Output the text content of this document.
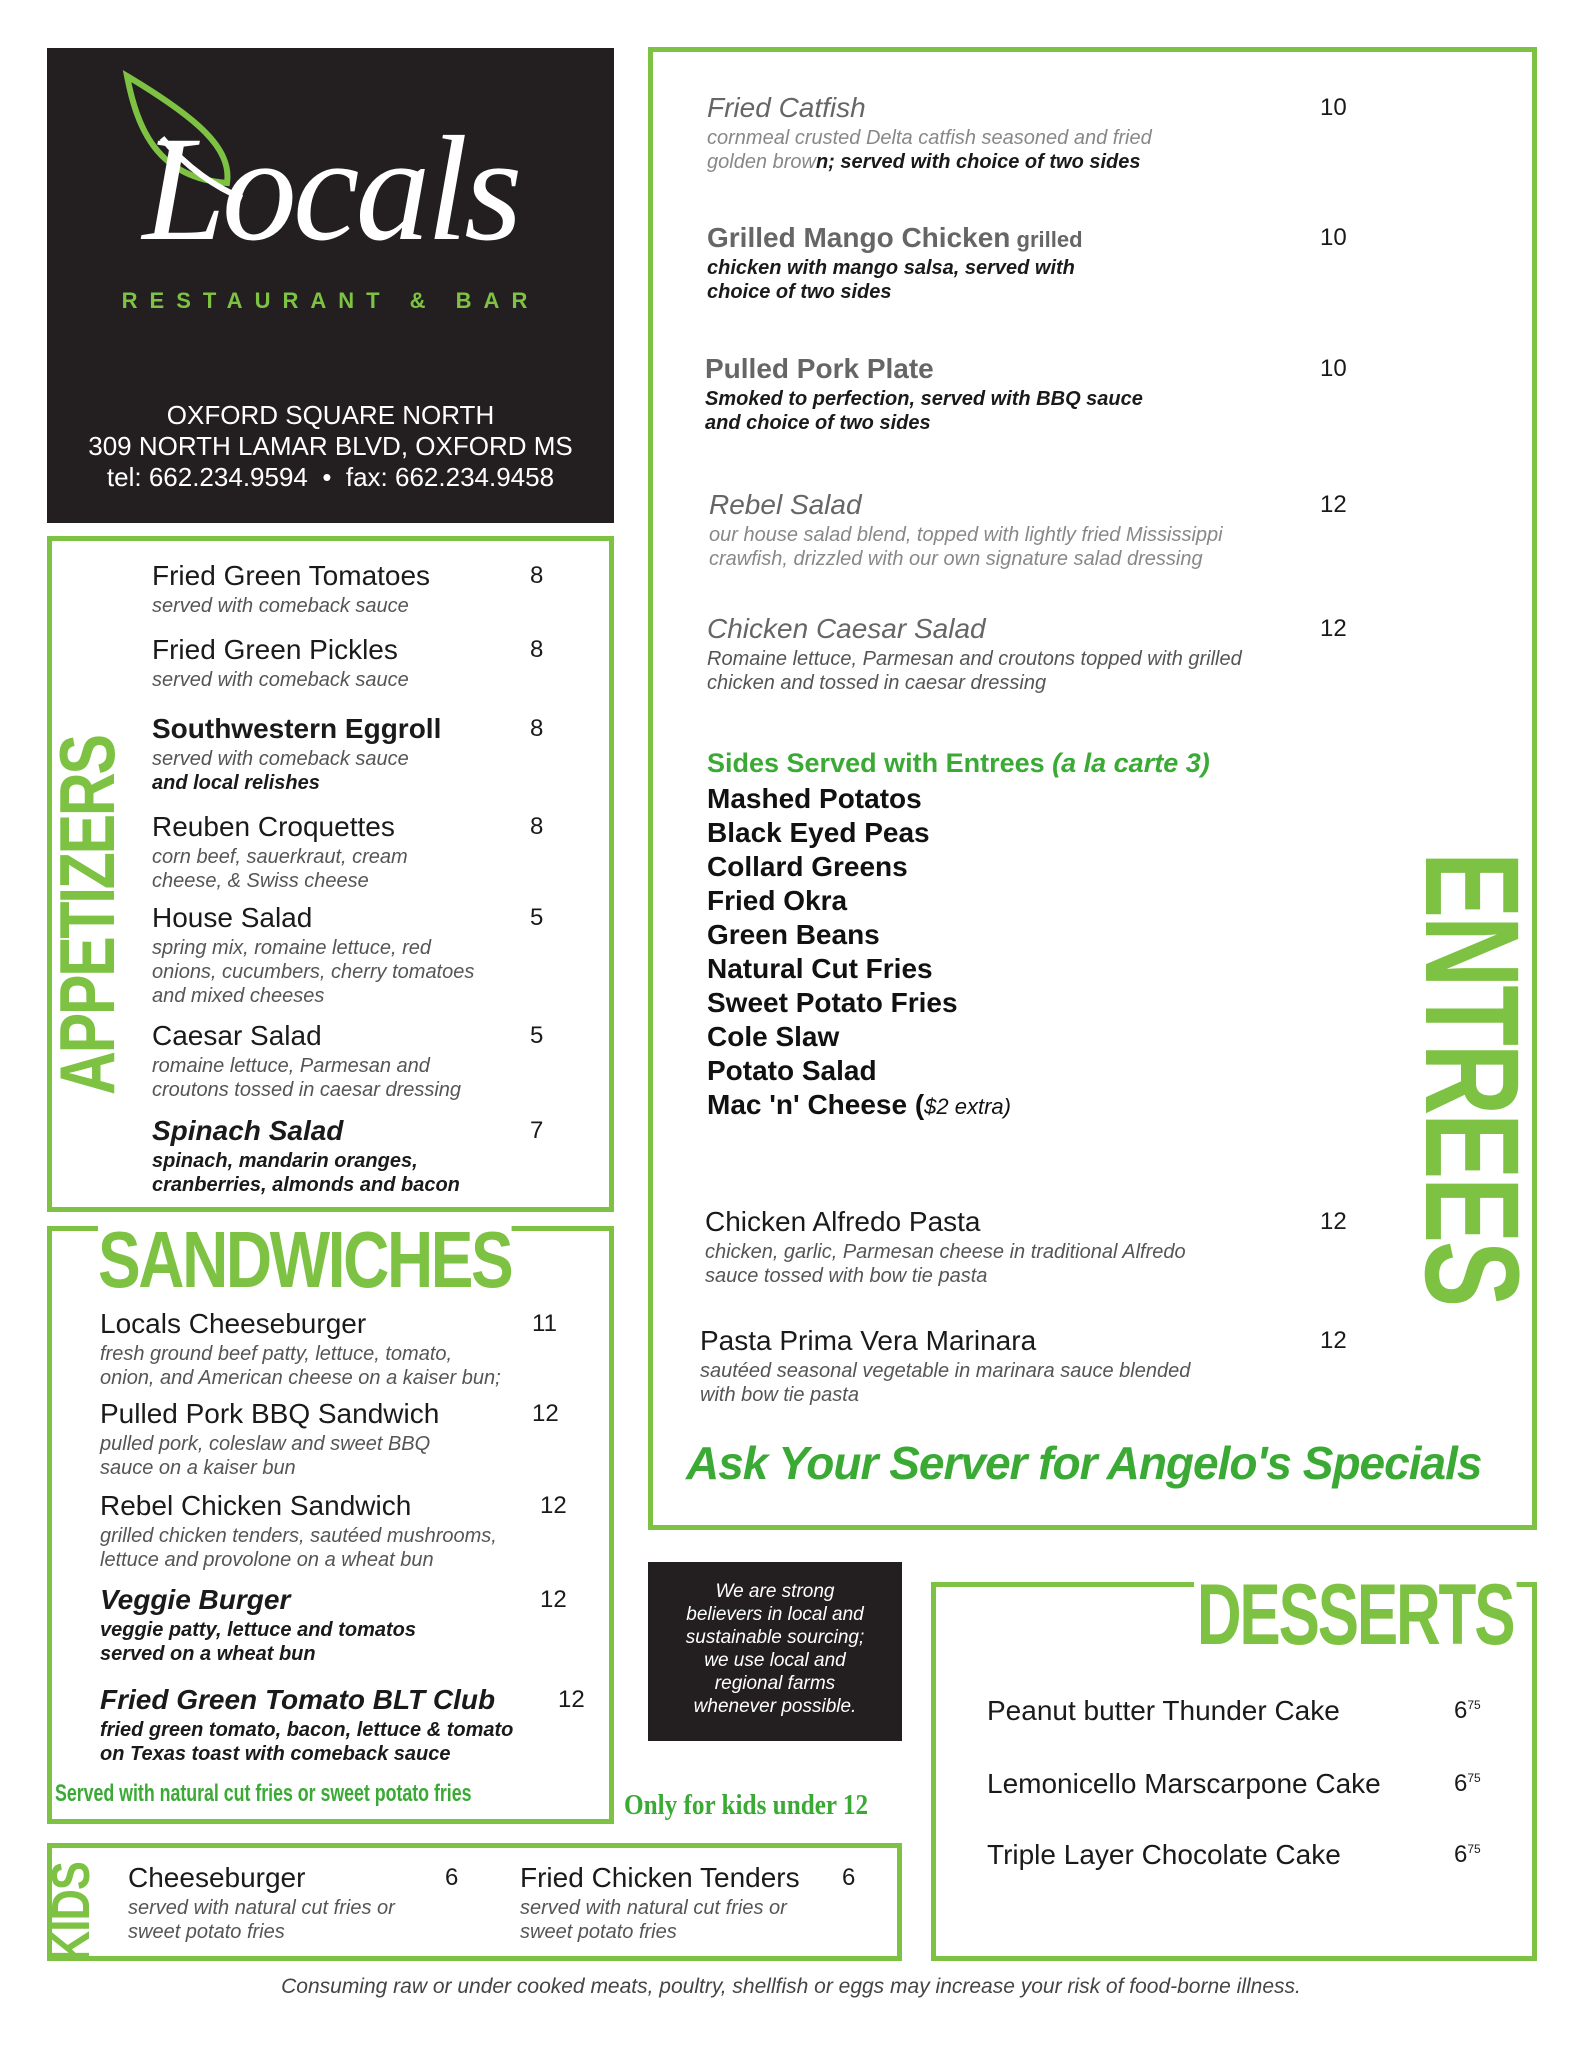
Locals
RESTAURANT & BAR
OXFORD SQUARE NORTH
309 NORTH LAMAR BLVD, OXFORD MS
tel: 662.234.9594  •  fax: 662.234.9458
APPETIZERS
SANDWICHES	ENTREES
KIDS
DESSERTS
Fried Green Tomatoes	8
served with comeback sauce
Fried Green Pickles	8
served with comeback sauce
Southwestern Eggroll	8
served with comeback sauce
and local relishes
Reuben Croquettes	8
corn beef, sauerkraut, cream
cheese, & Swiss cheese
House Salad	5
spring mix, romaine lettuce, red
onions, cucumbers, cherry tomatoes
and mixed cheeses
Caesar Salad	5
romaine lettuce, Parmesan and
croutons tossed in caesar dressing
Spinach Salad	7
spinach, mandarin oranges,
cranberries, almonds and bacon
Locals Cheeseburger	11
fresh ground beef patty, lettuce, tomato,
onion, and American cheese on a kaiser bun;
Pulled Pork BBQ Sandwich	12
pulled pork, coleslaw and sweet BBQ
sauce on a kaiser bun
Rebel Chicken Sandwich	12
grilled chicken tenders, sautéed mushrooms,
lettuce and provolone on a wheat bun
Veggie Burger	12
veggie patty, lettuce and tomatos
served on a wheat bun
Fried Green Tomato BLT Club	12
fried green tomato, bacon, lettuce & tomato
on Texas toast with comeback sauce
Fried Catfish	10
cornmeal crusted Delta catfish seasoned and fried
golden brown; served with choice of two sides
Grilled Mango Chicken grilled	10
chicken with mango salsa, served with
choice of two sides
Pulled Pork Plate	10
Smoked to perfection, served with BBQ sauce
and choice of two sides
Rebel Salad	12
our house salad blend, topped with lightly fried Mississippi
crawfish, drizzled with our own signature salad dressing
Chicken Caesar Salad	12
Romaine lettuce, Parmesan and croutons topped with grilled
chicken and tossed in caesar dressing
Chicken Alfredo Pasta	12
chicken, garlic, Parmesan cheese in traditional Alfredo
sauce tossed with bow tie pasta
Pasta Prima Vera Marinara	12
sautéed seasonal vegetable in marinara sauce blended
with bow tie pasta
Cheeseburger	6
served with natural cut fries or
sweet potato fries
Fried Chicken Tenders 6
served with natural cut fries or
sweet potato fries
Peanut butter Thunder Cake	$6^{75}$
Lemonicello Marscarpone Cake	$6^{75}$
Triple Layer Chocolate Cake	$6^{75}$
Sides Served with Entrees (a la carte 3)
Mashed Potatos
Black Eyed Peas
Collard Greens
Fried Okra
Green Beans
Natural Cut Fries
Sweet Potato Fries
Cole Slaw
Potato Salad
Mac 'n' Cheese ($2 extra)
Ask Your Server for Angelo's Specials
Served with natural cut fries or sweet potato fries	Only for kids under 12
We are strong
believers in local and
sustainable sourcing;
we use local and
regional farms
whenever possible.
Consuming raw or under cooked meats, poultry, shellfish or eggs may increase your risk of food-borne illness.
